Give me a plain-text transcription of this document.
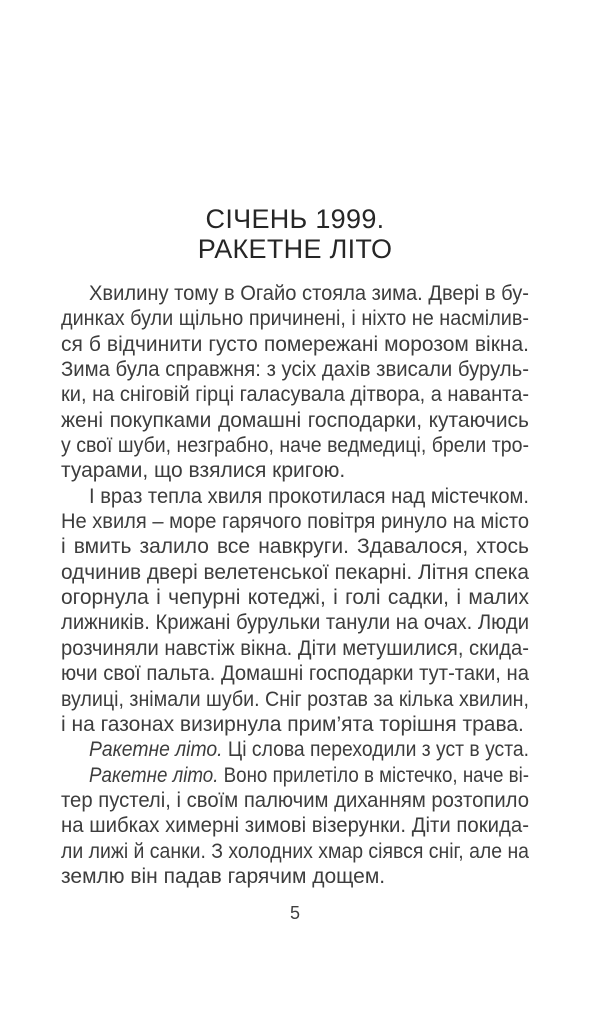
СІЧЕНЬ 1999.
РАКЕТНЕ ЛІТО
Хвилину тому в Огайо стояла зима. Двері в бу-
динках були щільно причинені, і ніхто не насмілив-
ся б відчинити густо помережані морозом вікна.
Зима була справжня: з усіх дахів звисали буруль-
ки, на сніговій гірці галасувала дітвора, а наванта-
жені покупками домашні господарки, кутаючись
у свої шуби, незграбно, наче ведмедиці, брели тро-
туарами, що взялися кригою.
І враз тепла хвиля прокотилася над містечком.
Не хвиля – море гарячого повітря ринуло на місто
і вмить залило все навкруги. Здавалося, хтось
одчинив двері велетенської пекарні. Літня спека
огорнула і чепурні котеджі, і голі садки, і малих
лижників. Крижані бурульки танули на очах. Люди
розчиняли навстіж вікна. Діти метушилися, скида-
ючи свої пальта. Домашні господарки тут-таки, на
вулиці, знімали шуби. Сніг розтав за кілька хвилин,
і на газонах визирнула прим’ята торішня трава.
Ракетне літо. Ці слова переходили з уст в уста.
Ракетне літо. Воно прилетіло в містечко, наче ві-
тер пустелі, і своїм палючим диханням розтопило
на шибках химерні зимові візерунки. Діти покида-
ли лижі й санки. З холодних хмар сіявся сніг, але на
землю він падав гарячим дощем.
5
